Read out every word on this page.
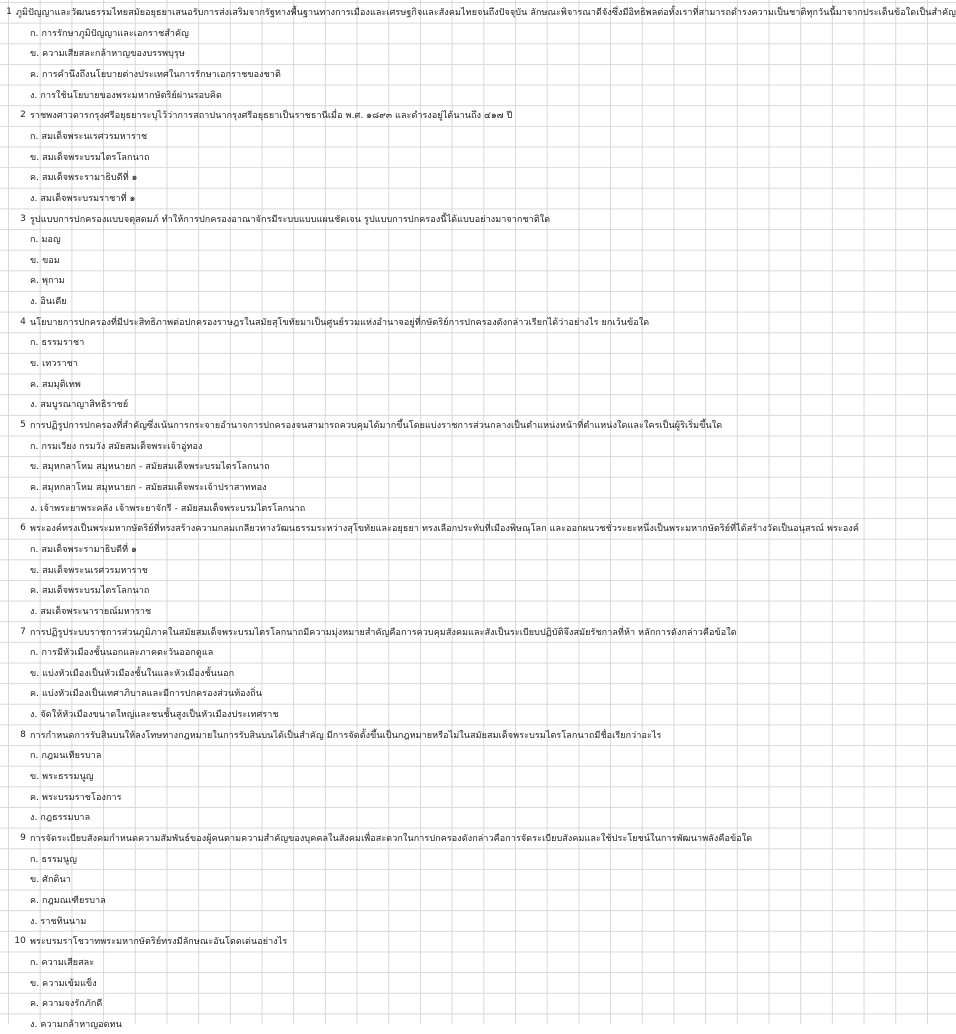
1 ภูมิปัญญาและวัฒนธรรมไทยสมัยอยุธยาเสนอรับการส่งเสริมจากรัฐทางพื้นฐานทางการเมืองและเศรษฐกิจและสังคมไทยจนถึงปัจจุบัน ลักษณะพิจารณาดีจังซึ่งมีอิทธิพลต่อทั้งเราที่สามารถดำรงความเป็นชาติทุกวันนี้มาจากประเด็นข้อใดเป็นสำคัญ
ก. การรักษาภูมิปัญญาและเอกราชสำคัญ
ข. ความเสียสละกล้าหาญของบรรพบุรุษ
ค. การคำนึงถึงนโยบายต่างประเทศในการรักษาเอกราชของชาติ
ง. การใช้นโยบายของพระมหากษัตริย์ผ่านรอบคิด
2 ราชพงศาวดารกรุงศรีอยุธยาระบุไว้ว่าการสถาปนากรุงศรีอยุธยาเป็นราชธานีเมื่อ พ.ศ. ๑๘๙๓ และดำรงอยู่ได้นานถึง ๔๑๗ ปี
ก. สมเด็จพระนเรศวรมหาราช
ข. สมเด็จพระบรมไตรโลกนาถ
ค. สมเด็จพระรามาธิบดีที่ ๑
ง. สมเด็จพระบรมราชาที่ ๑
3 รูปแบบการปกครองแบบจตุสดมภ์ ทำให้การปกครองอาณาจักรมีระบบแบบแผนชัดเจน รูปแบบการปกครองนี้ได้แบบอย่างมาจากชาติใด
ก. มอญ
ข. ขอม
ค. พุกาม
ง. อินเดีย
4 นโยบายการปกครองที่มีประสิทธิภาพต่อปกครองราษฎรในสมัยสุโขทัยมาเป็นศูนย์รวมแห่งอำนาจอยู่ที่กษัตริย์การปกครองดังกล่าวเรียกได้ว่าอย่างไร ยกเว้นข้อใด
ก. ธรรมราชา
ข. เทวราชา
ค. สมมุติเทพ
ง. สมบูรณาญาสิทธิราชย์
5 การปฏิรูปการปกครองที่สำคัญซึ่งเน้นการกระจายอำนาจการปกครองจนสามารถควบคุมได้มากขึ้นโดยแบ่งราชการส่วนกลางเป็นตำแหน่งหน้าที่ตำแหน่งใดและใครเป็นผู้ริเริ่มขึ้นใด
ก. กรมเวียง กรมวัง สมัยสมเด็จพระเจ้าอู่ทอง
ข. สมุหกลาโหม สมุหนายก - สมัยสมเด็จพระบรมไตรโลกนาถ
ค. สมุหกลาโหม สมุหนายก - สมัยสมเด็จพระเจ้าปราสาททอง
ง. เจ้าพระยาพระคลัง เจ้าพระยาจักรี - สมัยสมเด็จพระบรมไตรโลกนาถ
6 พระองค์ทรงเป็นพระมหากษัตริย์ที่ทรงสร้างความกลมเกลียวทางวัฒนธรรมระหว่างสุโขทัยและอยุธยา ทรงเลือกประทับที่เมืองพิษณุโลก และออกผนวชชั่วระยะหนึ่งเป็นพระมหากษัตริย์ที่ได้สร้างวัดเป็นอนุสรณ์ พระองค์
ก. สมเด็จพระรามาธิบดีที่ ๑
ข. สมเด็จพระนเรศวรมหาราช
ค. สมเด็จพระบรมไตรโลกนาถ
ง. สมเด็จพระนารายณ์มหาราช
7 การปฏิรูประบบราชการส่วนภูมิภาคในสมัยสมเด็จพระบรมไตรโลกนาถมีความมุ่งหมายสำคัญคือการควบคุมสังคมและสังเป็นระเบียบปฏิบัติจึงสมัยรัชกาลที่ห้า หลักการดังกล่าวคือข้อใด
ก. การมีหัวเมืองชั้นนอกและภาคตะวันออกดูแล
ข. แบ่งหัวเมืองเป็นหัวเมืองชั้นในและหัวเมืองชั้นนอก
ค. แบ่งหัวเมืองเป็นเทศาภิบาลและมีการปกครองส่วนท้องถิ่น
ง. จัดให้หัวเมืองขนาดใหญ่และชนชั้นสูงเป็นหัวเมืองประเทศราช
8 การกำหนดการรับสินบนให้ลงโทษทางกฎหมายในการรับสินบนได้เป็นสำคัญ มีการจัดตั้งขึ้นเป็นกฎหมายหรือไม่ในสมัยสมเด็จพระบรมไตรโลกนาถมีชื่อเรียกว่าอะไร
ก. กฎมนเทียรบาล
ข. พระธรรมนูญ
ค. พระบรมราชโองการ
ง. กฎธรรมบาล
9 การจัดระเบียบสังคมกำหนดความสัมพันธ์ของผู้คนตามความสำคัญของบุคคลในสังคมเพื่อสะดวกในการปกครองดังกล่าวคือการจัดระเบียบสังคมและใช้ประโยชน์ในการพัฒนาพลังคือข้อใด
ก. ธรรมนูญ
ข. ศักดินา
ค. กฎมณเฑียรบาล
ง. ราชทินนาม
10 พระบรมราโชวาทพระมหากษัตริย์ทรงมีลักษณะอันโดดเด่นอย่างไร
ก. ความเสียสละ
ข. ความเข้มแข็ง
ค. ความจงรักภักดี
ง. ความกล้าหาญอดทน
